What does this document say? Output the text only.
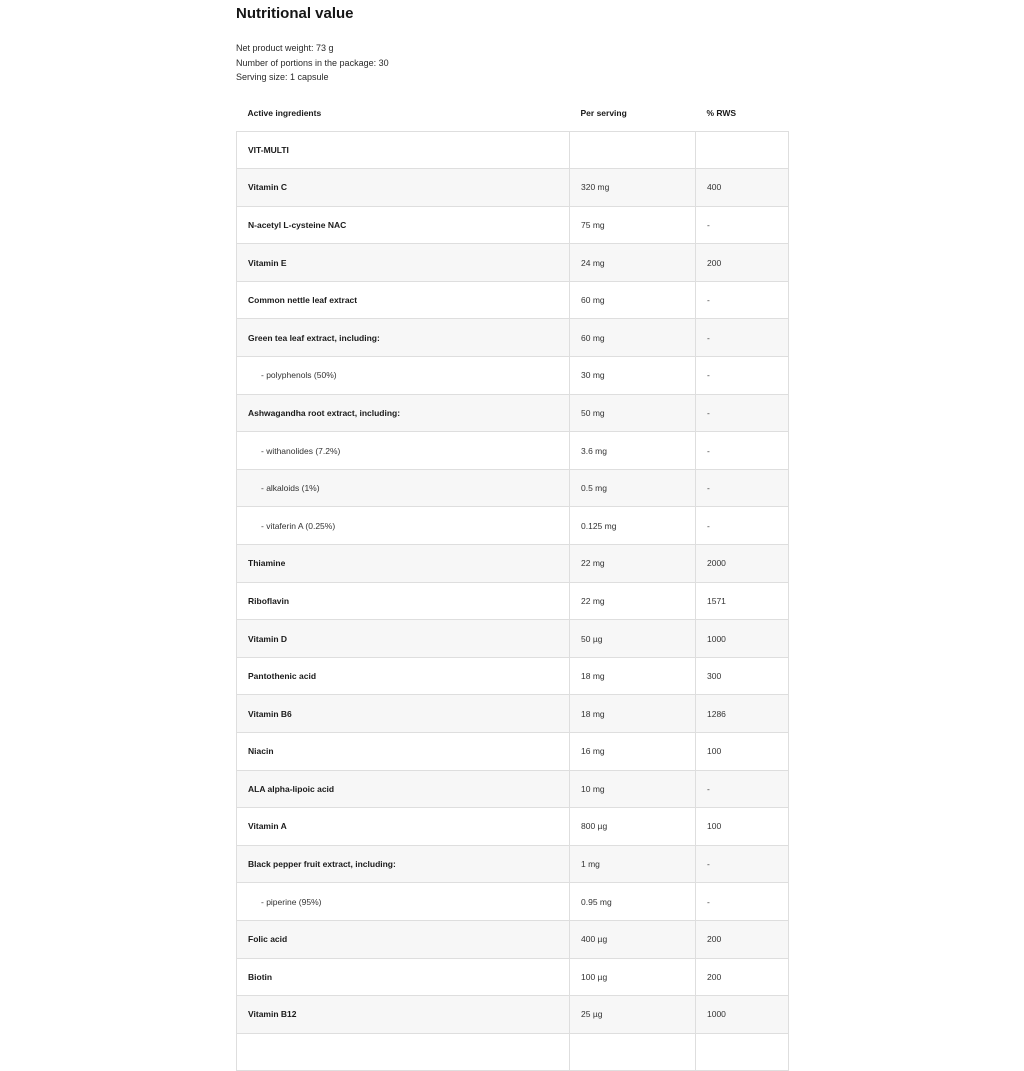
Nutritional value
Net product weight: 73 g
Number of portions in the package: 30
Serving size: 1 capsule
Active ingredients	Per serving	% RWS
VIT-MULTI		
Vitamin C	320 mg	400
N-acetyl L-cysteine NAC	75 mg	-
Vitamin E	24 mg	200
Common nettle leaf extract	60 mg	-
Green tea leaf extract, including:	60 mg	-
- polyphenols (50%)	30 mg	-
Ashwagandha root extract, including:	50 mg	-
- withanolides (7.2%)	3.6 mg	-
- alkaloids (1%)	0.5 mg	-
- vitaferin A (0.25%)	0.125 mg	-
Thiamine	22 mg	2000
Riboflavin	22 mg	1571
Vitamin D	50 µg	1000
Pantothenic acid	18 mg	300
Vitamin B6	18 mg	1286
Niacin	16 mg	100
ALA alpha-lipoic acid	10 mg	-
Vitamin A	800 µg	100
Black pepper fruit extract, including:	1 mg	-
- piperine (95%)	0.95 mg	-
Folic acid	400 µg	200
Biotin	100 µg	200
Vitamin B12	25 µg	1000
